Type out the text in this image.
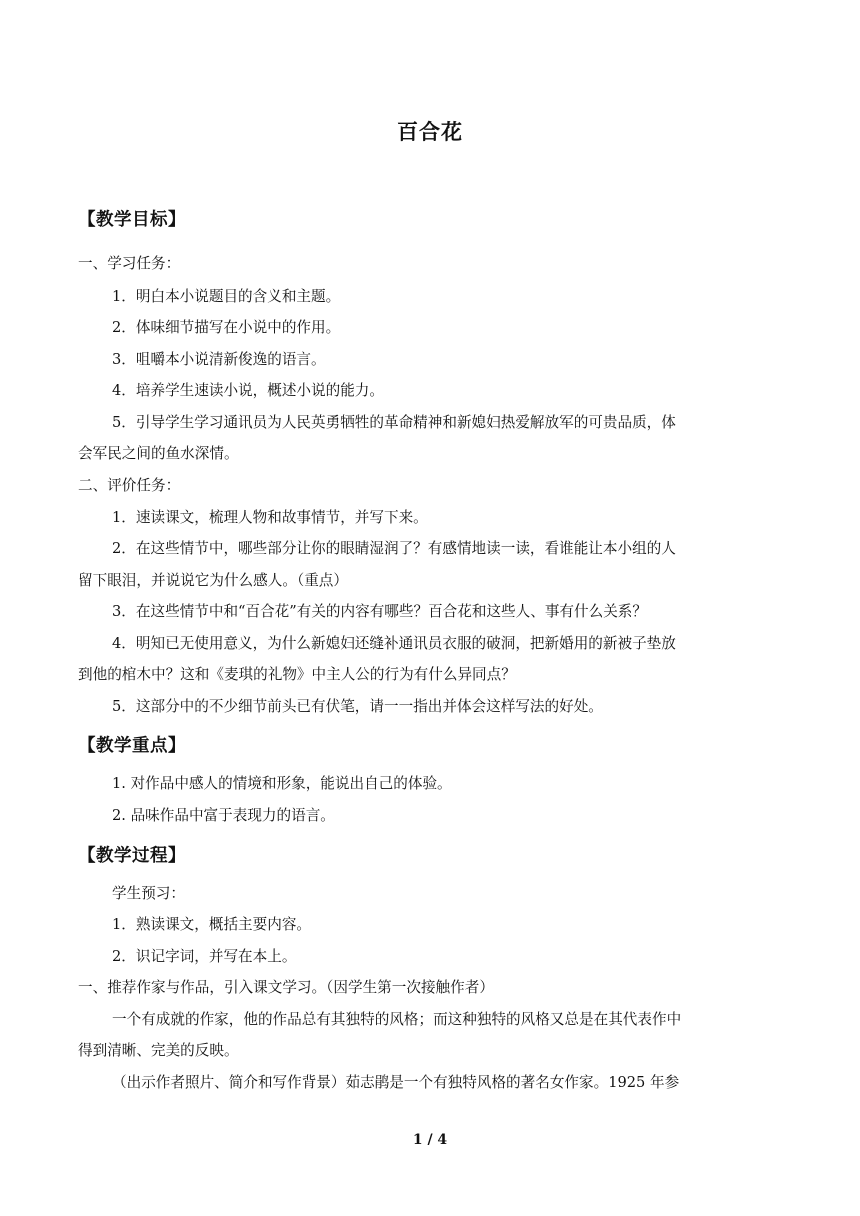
百合花
【教学目标】
一、学习任务：
1．明白本小说题目的含义和主题。
2．体味细节描写在小说中的作用。
3．咀嚼本小说清新俊逸的语言。
4．培养学生速读小说，概述小说的能力。
5．引导学生学习通讯员为人民英勇牺牲的革命精神和新媳妇热爱解放军的可贵品质，体
会军民之间的鱼水深情。
二、评价任务：
1．速读课文，梳理人物和故事情节，并写下来。
2．在这些情节中，哪些部分让你的眼睛湿润了？有感情地读一读，看谁能让本小组的人
留下眼泪，并说说它为什么感人。（重点）
3．在这些情节中和“百合花”有关的内容有哪些？百合花和这些人、事有什么关系？
4．明知已无使用意义，为什么新媳妇还缝补通讯员衣服的破洞，把新婚用的新被子垫放
到他的棺木中？这和《麦琪的礼物》中主人公的行为有什么异同点？
5．这部分中的不少细节前头已有伏笔，请一一指出并体会这样写法的好处。
【教学重点】
1. 对作品中感人的情境和形象，能说出自己的体验。
2. 品味作品中富于表现力的语言。
【教学过程】
学生预习：
1．熟读课文，概括主要内容。
2．识记字词，并写在本上。
一、推荐作家与作品，引入课文学习。（因学生第一次接触作者）
一个有成就的作家，他的作品总有其独特的风格；而这种独特的风格又总是在其代表作中
得到清晰、完美的反映。
（出示作者照片、简介和写作背景）茹志鹃是一个有独特风格的著名女作家。1925 年参
1 / 4
